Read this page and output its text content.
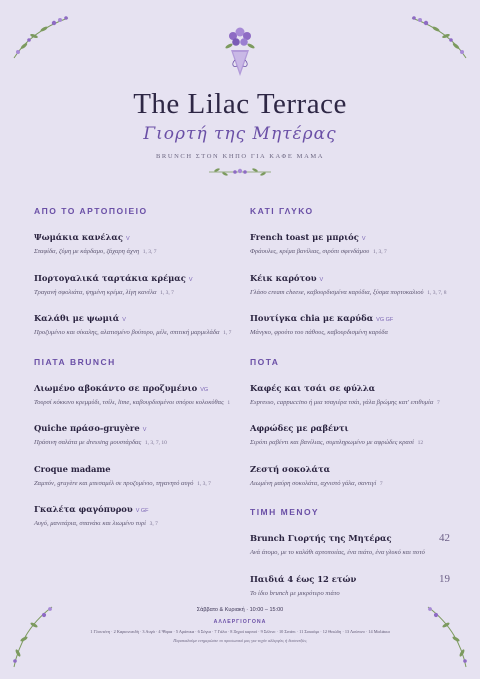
The Lilac Terrace
Γιορτή της Μητέρας
BRUNCH ΣΤΟΝ ΚΗΠΟ ΓΙΑ ΚΑΦΕ ΜΑΜΑ
ΑΠΟ ΤΟ ΑΡΤΟΠΟΙΕΙΟ
Ψωμάκια κανέλας V
Σταφίδα, ζύμη με κάρδαμο, ζάχαρη άχνη 1, 3, 7
Πορτογαλικά ταρτάκια κρέμας V
Τραγανή σφολιάτα, ψημένη κρέμα, λίγη κανέλα 1, 3, 7
Καλάθι με ψωμιά V
Προζυμένιο και σίκαλης, αλατισμένο βούτυρο, μέλι, σπιτική μαρμελάδα 1, 7
ΠΙΑΤΑ BRUNCH
Λιωμένο αβοκάντο σε προζυμένιο VG
Τουρσί κόκκινο κρεμμύδι, τσίλι, lime, καβουρδισμένοι σπόροι κολοκύθας 1
Quiche πράσο-gruyère V
Πράσινη σαλάτα με dressing μουστάρδας 1, 3, 7, 10
Croque madame
Ζαμπόν, gruyère και μπεσαμέλ σε προζυμένιο, τηγανητό αυγό 1, 3, 7
Γκαλέτα φαγόπυρου V GF
Αυγό, μανιτάρια, σπανάκι και λιωμένο τυρί 3, 7
ΚΑΤΙ ΓΛΥΚΟ
French toast με μπριός V
Φράουλες, κρέμα βανίλιας, σιρόπι σφενδάμου 1, 3, 7
Κέικ καρότου V
Γλάσο cream cheese, καβουρδισμένα καρύδια, ξύσμα πορτοκαλιού 1, 3, 7, 8
Πουτίγκα chia με καρύδα VG GF
Μάνγκο, φρούτο του πάθους, καβουρδισμένη καρύδα
ΠΟΤΑ
Καφές και τσάι σε φύλλα
Espresso, cappuccino ή μια τσαγιέρα τσάι, γάλα βρώμης κατ' επιθυμία 7
Αφρώδες με ραβέντι
Σιρόπι ραβέντι και βανίλιας, συμπληρωμένο με αφρώδες κρασί 12
Ζεστή σοκολάτα
Λιωμένη μαύρη σοκολάτα, αχνιστό γάλα, σαντιγί 7
ΤΙΜΗ ΜΕΝΟΥ
Brunch Γιορτής της Μητέρας	42
Ανά άτομο, με το καλάθι αρτοποιίας, ένα πιάτο, ένα γλυκό και ποτό
Παιδιά 4 έως 12 ετών	19
Το ίδιο brunch με μικρότερο πιάτο
Σάββατο & Κυριακή · 10:00 – 15:00
ΑΛΛΕΡΓΙΟΓΟΝΑ
1 Γλουτένη · 2 Καρκινοειδή · 3 Αυγά · 4 Ψάρια · 5 Αράπικα · 6 Σόγια · 7 Γάλα · 8 Ξηροί καρποί · 9 Σέλινο · 10 Σινάπι · 11 Σουσάμι · 12 Θειώδη · 13 Λούπινο · 14 Μαλάκια
Παρακαλούμε ενημερώστε το προσωπικό μας για τυχόν αλλεργίες ή δυσανεξίες
